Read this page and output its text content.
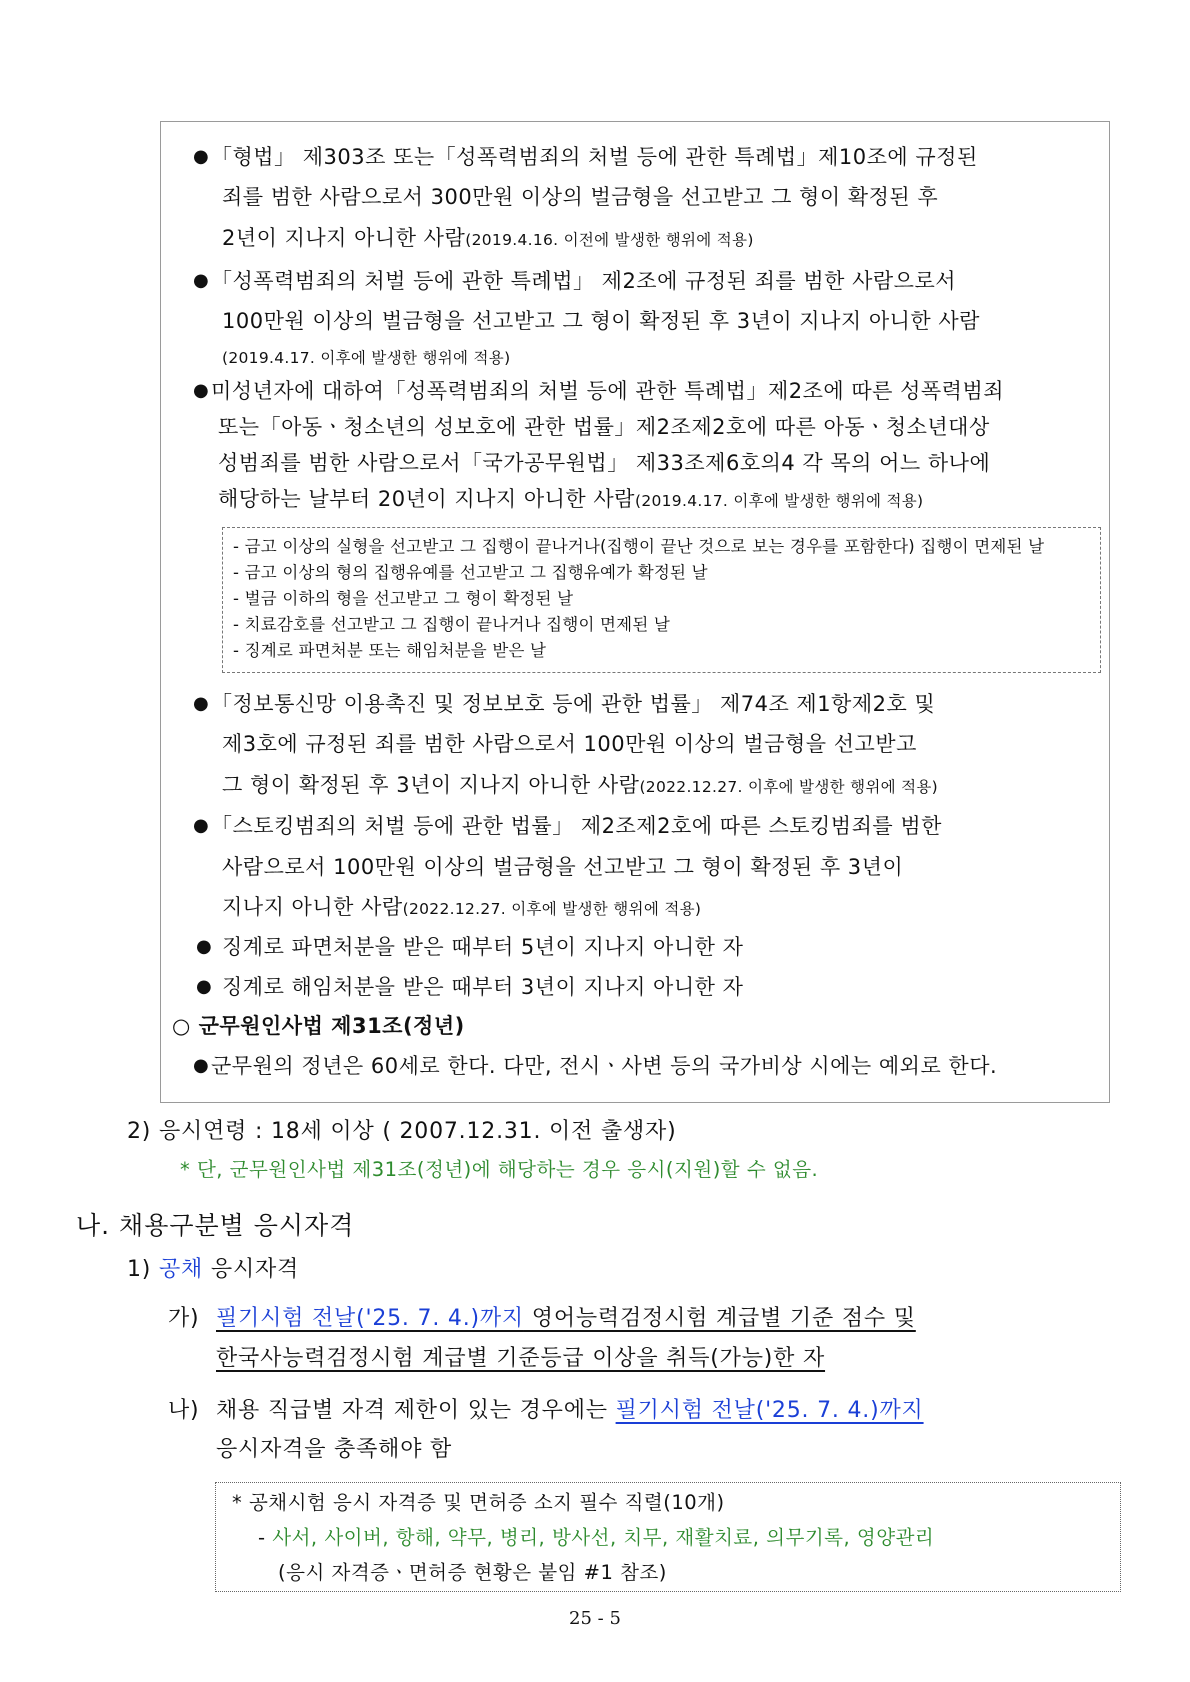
● 「형법」 제303조 또는「성폭력범죄의 처벌 등에 관한 특례법」제10조에 규정된
죄를 범한 사람으로서 300만원 이상의 벌금형을 선고받고 그 형이 확정된 후
2년이 지나지 아니한 사람(2019.4.16. 이전에 발생한 행위에 적용)
● 「성폭력범죄의 처벌 등에 관한 특례법」 제2조에 규정된 죄를 범한 사람으로서
100만원 이상의 벌금형을 선고받고 그 형이 확정된 후 3년이 지나지 아니한 사람
(2019.4.17. 이후에 발생한 행위에 적용)
● 미성년자에 대하여「성폭력범죄의 처벌 등에 관한 특례법」제2조에 따른 성폭력범죄
또는「아동ㆍ청소년의 성보호에 관한 법률」제2조제2호에 따른 아동ㆍ청소년대상
성범죄를 범한 사람으로서「국가공무원법」 제33조제6호의4 각 목의 어느 하나에
해당하는 날부터 20년이 지나지 아니한 사람(2019.4.17. 이후에 발생한 행위에 적용)
- 금고 이상의 실형을 선고받고 그 집행이 끝나거나(집행이 끝난 것으로 보는 경우를 포함한다) 집행이 면제된 날
- 금고 이상의 형의 집행유예를 선고받고 그 집행유예가 확정된 날
- 벌금 이하의 형을 선고받고 그 형이 확정된 날
- 치료감호를 선고받고 그 집행이 끝나거나 집행이 면제된 날
- 징계로 파면처분 또는 해임처분을 받은 날
● 「정보통신망 이용촉진 및 정보보호 등에 관한 법률」 제74조 제1항제2호 및
제3호에 규정된 죄를 범한 사람으로서 100만원 이상의 벌금형을 선고받고
그 형이 확정된 후 3년이 지나지 아니한 사람(2022.12.27. 이후에 발생한 행위에 적용)
● 「스토킹범죄의 처벌 등에 관한 법률」 제2조제2호에 따른 스토킹범죄를 범한
사람으로서 100만원 이상의 벌금형을 선고받고 그 형이 확정된 후 3년이
지나지 아니한 사람(2022.12.27. 이후에 발생한 행위에 적용)
● 징계로 파면처분을 받은 때부터 5년이 지나지 아니한 자
● 징계로 해임처분을 받은 때부터 3년이 지나지 아니한 자
○ 군무원인사법 제31조(정년)
● 군무원의 정년은 60세로 한다. 다만, 전시ㆍ사변 등의 국가비상 시에는 예외로 한다.
2) 응시연령 : 18세 이상 ( 2007.12.31. 이전 출생자)
* 단, 군무원인사법 제31조(정년)에 해당하는 경우 응시(지원)할 수 없음.
나. 채용구분별 응시자격
1) 공채 응시자격
가) 필기시험 전날('25. 7. 4.)까지 영어능력검정시험 계급별 기준 점수 및
한국사능력검정시험 계급별 기준등급 이상을 취득(가능)한 자
나) 채용 직급별 자격 제한이 있는 경우에는 필기시험 전날('25. 7. 4.)까지
응시자격을 충족해야 함
* 공채시험 응시 자격증 및 면허증 소지 필수 직렬(10개)
- 사서, 사이버, 항해, 약무, 병리, 방사선, 치무, 재활치료, 의무기록, 영양관리
(응시 자격증ㆍ면허증 현황은 붙임 #1 참조)
25 - 5
